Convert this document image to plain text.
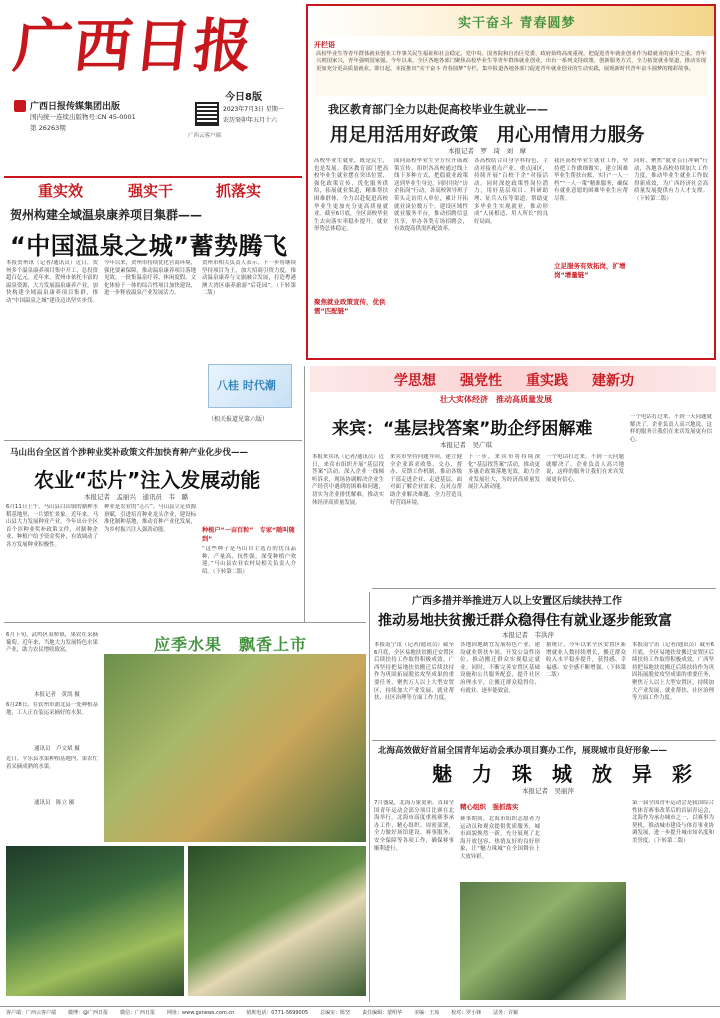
广西日报
广西日报传媒集团出版
国内统一连续出版物号:CN 45-0001
第 26263期
今日8版
2023年7月3日 星期一
农历癸卯年五月十六
广西云客户端
实干奋斗 青春圆梦
开栏语
高校毕业生等青年群体就业创业工作事关民生福祉和社会稳定。党中央、国务院和自治区党委、政府始终高度重视，把促进青年就业创业作为稳就业的重中之重。青年兴则国家兴，青年强则国家强。今年以来，全区各地各部门聚焦高校毕业生等青年群体就业创业，出台一系列支持政策，创新服务方式，全力拓宽就业渠道，推动实现更加充分更高质量就业。即日起，本报推出“实干奋斗 青春圆梦”专栏，集中报道各地各部门促进青年就业创业的生动实践，展现新时代青年奋斗圆梦的精彩故事。
我区教育部门全力以赴促高校毕业生就业——
用足用活用好政策　用心用情用力服务
本报记者　罗　琦　刘　摩
高校毕业生就业，既是民生，也是发展。我区教育部门把高校毕业生就业摆在突出位置，强化政策宣传，优化服务供给，拓展就业渠道，精准帮扶困难群体，全力以赴促进高校毕业生更加充分更高质量就业。截至6月底，全区高校毕业生去向落实率稳步提升，就业形势总体稳定。
面向高校毕业生全方位开展政策宣传，组织各高校通过线上线下多种方式，把稳就业政策送到毕业生身边。同时用好“访企拓岗”行动，各高校领导班子带头走访用人单位，累计开拓就业岗位数万个。建设区域性就业服务平台，推动招聘信息共享，举办各类专场招聘会，有效提高供需匹配效率。
各高校结合自身学科特色，主动对接重点产业、重点园区，持续开展“百校千企”对接活动。同时深挖政策性岗位潜力，用好基层项目、科研助理、征兵入伍等渠道，帮助更多毕业生实现就业，推动形成“人岗相适、用人所长”的良好局面。
我区高校毕业生就业工作，坚持把工作做细做实，建立困难毕业生帮扶台账，实行“一人一档”“一人一策”精准服务，确保有就业意愿的困难毕业生应帮尽帮。
同时，聚焦“就业百日冲刺”行动，各地各高校持续加大工作力度，推动毕业生就业工作取得新成效，为广西经济社会高质量发展提供有力人才支撑。（下转第二版）
聚焦就业政策宣传，优供需“匹配链”
立足服务有效拓岗，扩增岗“增量链”
重实效	强实干	抓落实
贺州构建全域温泉康养项目集群——
“中国温泉之城”蓄势腾飞
本报贺州讯（记者/通讯员）近日，贺州多个温泉康养项目集中开工，总投资超百亿元。近年来，贺州市依托丰富的温泉资源，大力发展温泉康养产业，加快构建全域温泉康养项目集群，推动“中国温泉之城”建设迈出坚实步伐。
今年以来，贺州市持续优化营商环境，强化要素保障，推动温泉康养项目落地见效。一批集温泉疗养、休闲度假、文化体验于一体的综合性项目加快建设，进一步释放温泉产业发展活力。
贺州市相关负责人表示，下一步将继续坚持项目为王，加大招商引资力度，推动温泉康养与文旅融合发展，打造粤港澳大湾区康养旅游“后花园”。（下转第二版）
八桂 时代潮
（相关报道见第六版）
马山出台全区首个涉种业奖补政策文件加快育种产业化步伐——
农业“芯片”注入发展动能
本报记者　孟丽兴　通讯员　韦　璐
6月11日上午，马山县白山镇的制种水稻基地里，一片繁忙景象。近年来，马山县大力发展种业产业，今年出台全区首个涉种业奖补政策文件，对制种企业、种植户给予资金奖补，有效调动了各方发展种业积极性。
种业是农业的“芯片”。马山县立足资源禀赋，引进培育种业龙头企业，建设标准化制种基地，推动育种产业化发展，为乡村振兴注入强劲动能。	种植户“一亩百粒”　专家“随叫随到”
“这些种子是马山自主选育的优良品种，产量高、抗性强，深受种植户欢迎。”马山县农业农村局相关负责人介绍。（下转第二版）
学思想 强党性 重实践 建新功
壮大实体经济　推动高质量发展
来宾：“基层找答案”助企纾困解难
本报记者　吴广琪
本报来宾讯（记者/通讯员）近日，来宾市组织开展“基层找答案”活动，深入企业一线倾听诉求，现场协调解决企业生产经营中遇到的困难和问题，切实为企业排忧解难，推动实体经济高质量发展。
来宾市坚持问题导向，建立健全企业诉求收集、交办、督办、反馈工作机制，推动各级干部走进企业、走进基层，面对面了解企业需求，点对点帮助企业解决难题，全力营造良好营商环境。
下一步，来宾市将持续深化“基层找答案”活动，推动更多惠企政策落地见效，助力企业发展壮大，为经济高质量发展注入新动能。
一个电话打过来，不到一天问题就解决了。企业负责人高兴地说，这样的服务让我们在来宾发展更有信心。
一个电话打过来，不到一天问题就解决了。企业负责人高兴地说，这样的服务让我们在来宾发展更有信心。
6月下旬，武鸣区双桥镇，果农在采摘葡萄。近年来，当地大力发展特色水果产业，助力农民增收致富。
本报记者　黄凯 摄
6月28日，在钦州市浦北县一处种植基地，工人正在装运采摘好的水果。
通讯员　卢文斌 摄
近日，平乐县水果种植基地内，果农忙着采摘成熟的水果。
通讯员　陈立 摄
应季水果　飘香上市
广西多措并举推进万人以上安置区后续扶持工作
推动易地扶贫搬迁群众稳得住有就业逐步能致富
本报记者　韦洪萍
本报南宁讯（记者/通讯员）截至6月底，全区易地扶贫搬迁安置区后续扶持工作取得积极成效。广西坚持把易地扶贫搬迁后续扶持作为巩固拓展脱贫攻坚成果的重要任务，聚焦万人以上大型安置区，持续加大产业发展、就业帮扶、社区治理等方面工作力度。
各地因地制宜发展特色产业，建设就业帮扶车间，开发公益性岗位，推动搬迁群众实现稳定就业。同时，不断完善安置区基础设施和公共服务配套，提升社区治理水平，让搬迁群众稳得住、有就业、逐步能致富。
据统计，今年以来全区安置区新增就业人数持续增长，搬迁群众收入水平稳步提升，获得感、幸福感、安全感不断增强。（下转第二版）
本报南宁讯（记者/通讯员）截至6月底，全区易地扶贫搬迁安置区后续扶持工作取得积极成效。广西坚持把易地扶贫搬迁后续扶持作为巩固拓展脱贫攻坚成果的重要任务，聚焦万人以上大型安置区，持续加大产业发展、就业帮扶、社区治理等方面工作力度。
北海高效做好首届全国青年运动会承办项目赛办工作，展现城市良好形象——
魅　力　珠　城　放　异　彩
本报记者　吴丽萍
7月盛夏，北海万象更新。首届全国青年运动会部分项目比赛在北海举行。北海市高度重视赛事承办工作，精心组织、周密部署，全力做好场馆建设、赛事服务、安全保障等各项工作，确保赛事顺利进行。
精心组织　强抓落实
赛事期间，北海市组织志愿者为运动员和观众提供优质服务，城市面貌焕然一新，充分展现了北海开放包容、热情友好的良好形象，让“魅力珠城”在全国舞台上大放异彩。
第一届全国青年运动会是我国综合性体育赛事改革后的首届青运会，北海作为承办城市之一，以赛事为契机，推动城市建设与体育事业协调发展，进一步提升城市知名度和美誉度。（下转第二版）
客户端：广西云客户端 微博：@广西日报 微信：广西日报 网址：www.gxnews.com.cn 值班电话：0771-5699005 总编室：陈坚 责任编辑：蒙明华 美编：王琼 校对：罗小锋 法务：许颖
